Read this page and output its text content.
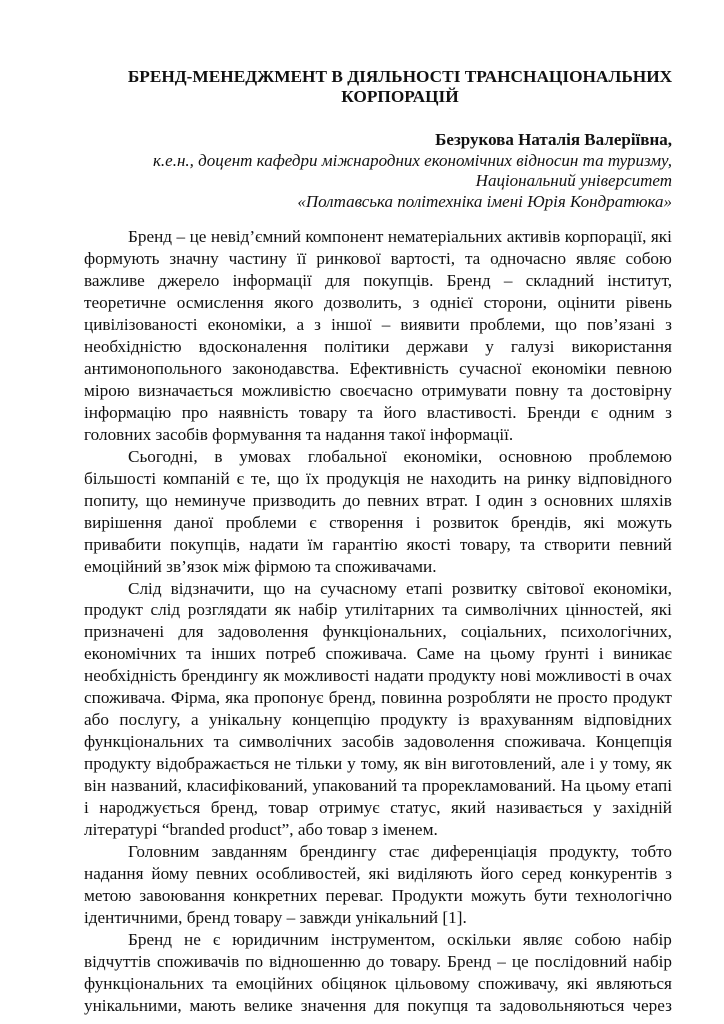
БРЕНД-МЕНЕДЖМЕНТ В ДІЯЛЬНОСТІ ТРАНСНАЦІОНАЛЬНИХ
КОРПОРАЦІЙ
Безрукова Наталія Валеріївна,
к.е.н., доцент кафедри міжнародних економічних відносин та туризму,
Національний університет
«Полтавська політехніка імені Юрія Кондратюка»
Бренд – це невід’ємний компонент нематеріальних активів корпорації, які
формують значну частину її ринкової вартості, та одночасно являє собою
важливе джерело інформації для покупців. Бренд – складний інститут,
теоретичне осмислення якого дозволить, з однієї сторони, оцінити рівень
цивілізованості економіки, а з іншої – виявити проблеми, що пов’язані з
необхідністю вдосконалення політики держави у галузі використання
антимонопольного законодавства. Ефективність сучасної економіки певною
мірою визначається можливістю своєчасно отримувати повну та достовірну
інформацію про наявність товару та його властивості. Бренди є одним з
головних засобів формування та надання такої інформації.
Сьогодні, в умовах глобальної економіки, основною проблемою
більшості компаній є те, що їх продукція не находить на ринку відповідного
попиту, що неминуче призводить до певних втрат. І один з основних шляхів
вирішення даної проблеми є створення і розвиток брендів, які можуть
привабити покупців, надати їм гарантію якості товару, та створити певний
емоційний зв’язок між фірмою та споживачами.
Слід відзначити, що на сучасному етапі розвитку світової економіки,
продукт слід розглядати як набір утилітарних та символічних цінностей, які
призначені для задоволення функціональних, соціальних, психологічних,
економічних та інших потреб споживача. Саме на цьому ґрунті і виникає
необхідність брендингу як можливості надати продукту нові можливості в очах
споживача. Фірма, яка пропонує бренд, повинна розробляти не просто продукт
або послугу, а унікальну концепцію продукту із врахуванням відповідних
функціональних та символічних засобів задоволення споживача. Концепція
продукту відображається не тільки у тому, як він виготовлений, але і у тому, як
він названий, класифікований, упакований та прорекламований. На цьому етапі
і народжується бренд, товар отримує статус, який називається у західній
літературі “branded product”, або товар з іменем.
Головним завданням брендингу стає диференціація продукту, тобто
надання йому певних особливостей, які виділяють його серед конкурентів з
метою завоювання конкретних переваг. Продукти можуть бути технологічно
ідентичними, бренд товару – завжди унікальний [1].
Бренд не є юридичним інструментом, оскільки являє собою набір
відчуттів споживачів по відношенню до товару. Бренд – це послідовний набір
функціональних та емоційних обіцянок цільовому споживачу, які являються
унікальними, мають велике значення для покупця та задовольняються через
